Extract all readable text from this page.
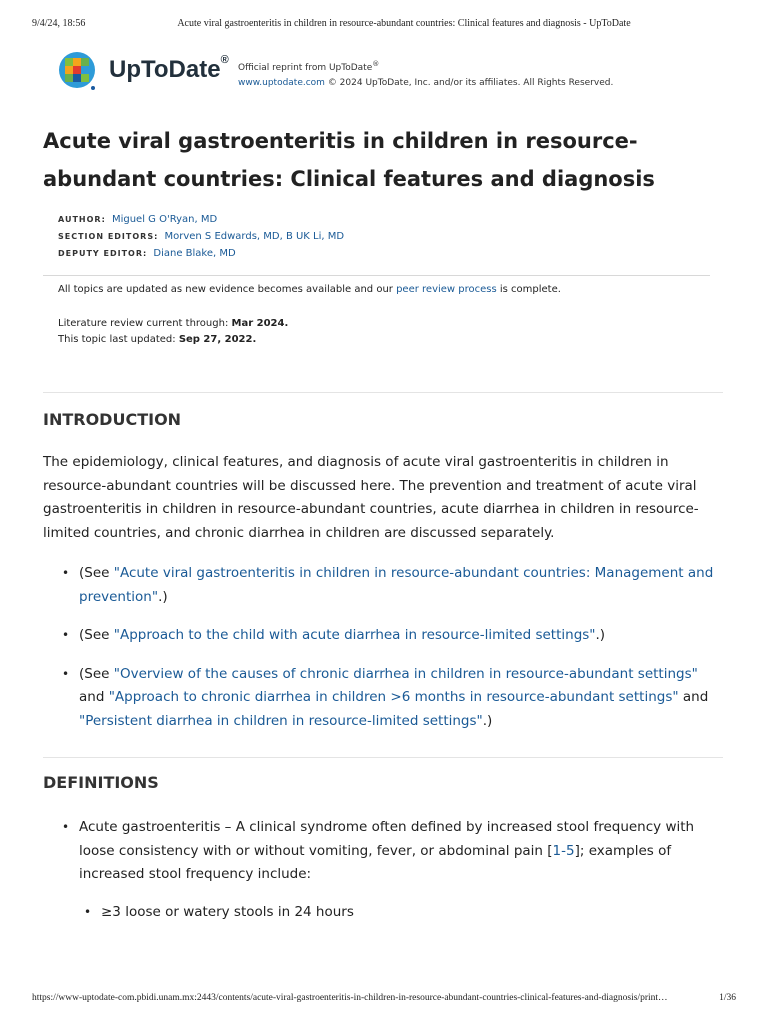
9/4/24, 18:56	Acute viral gastroenteritis in children in resource-abundant countries: Clinical features and diagnosis - UpToDate
UpToDate®
Official reprint from UpToDate®
www.uptodate.com © 2024 UpToDate, Inc. and/or its affiliates. All Rights Reserved.
Acute viral gastroenteritis in children in resource-abundant countries: Clinical features and diagnosis
AUTHOR: Miguel G O'Ryan, MD
SECTION EDITORS: Morven S Edwards, MD, B UK Li, MD
DEPUTY EDITOR: Diane Blake, MD
All topics are updated as new evidence becomes available and our peer review process is complete.
Literature review current through: Mar 2024.
This topic last updated: Sep 27, 2022.
INTRODUCTION

The epidemiology, clinical features, and diagnosis of acute viral gastroenteritis in children in resource-abundant countries will be discussed here. The prevention and treatment of acute viral gastroenteritis in children in resource-abundant countries, acute diarrhea in children in resource-limited countries, and chronic diarrhea in children are discussed separately.

• (See "Acute viral gastroenteritis in children in resource-abundant countries: Management and prevention".)
• (See "Approach to the child with acute diarrhea in resource-limited settings".)
• (See "Overview of the causes of chronic diarrhea in children in resource-abundant settings" and "Approach to chronic diarrhea in children >6 months in resource-abundant settings" and "Persistent diarrhea in children in resource-limited settings".)
DEFINITIONS
• Acute gastroenteritis – A clinical syndrome often defined by increased stool frequency with loose consistency with or without vomiting, fever, or abdominal pain [1-5]; examples of increased stool frequency include:
• ≥3 loose or watery stools in 24 hours
https://www-uptodate-com.pbidi.unam.mx:2443/contents/acute-viral-gastroenteritis-in-children-in-resource-abundant-countries-clinical-features-and-diagnosis/print…	1/36
